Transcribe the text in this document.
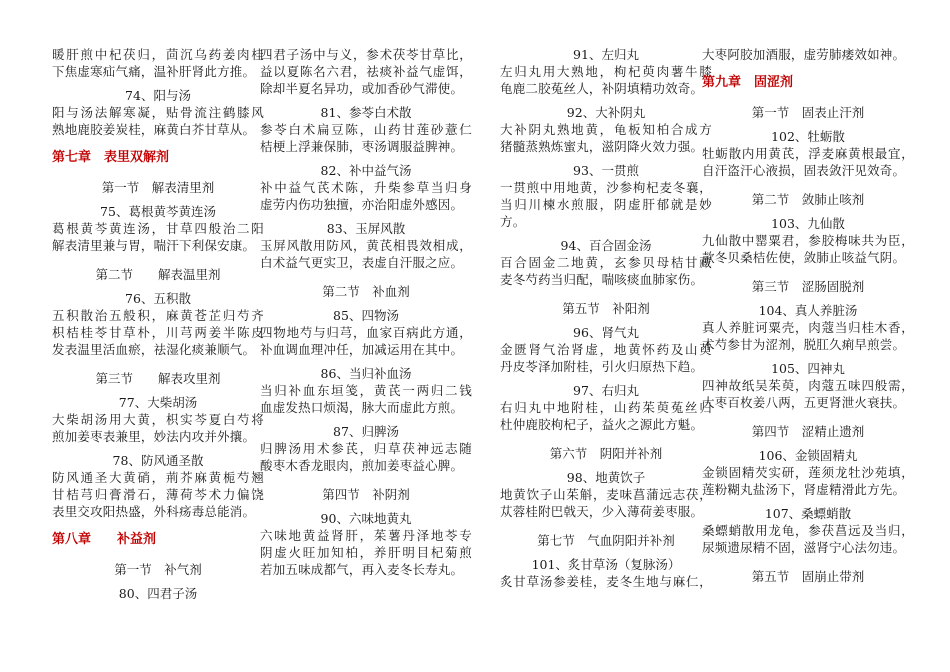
暖肝煎中杞茯归，茴沉乌药姜肉桂
下焦虚寒疝气痛，温补肝肾此方推。
74、阳与汤
阳与汤法解寒凝，贴骨流注鹤膝风
熟地鹿胶姜炭桂，麻黄白芥甘草从。
第七章　表里双解剂
第一节　解表清里剂
75、葛根黄芩黄连汤
葛根黄芩黄连汤，甘草四般治二阳
解表清里兼与胃，喘汗下利保安康。
第二节　　解表温里剂
76、五积散
五积散治五般积，麻黄苍芷归芍齐
枳桔桂苓甘草朴，川芎两姜半陈皮
发表温里活血瘀，祛湿化痰兼顺气。
第三节　　解表攻里剂
77、大柴胡汤
大柴胡汤用大黄，枳实芩夏白芍将
煎加姜枣表兼里，妙法内攻并外攘。
78、防风通圣散
防风通圣大黄硝，荊芥麻黄栀芍翘
甘桔芎归膏滑石，薄荷芩术力偏饶
表里交攻阳热盛，外科疡毒总能消。
第八章　　补益剂
第一节　补气剂
80、四君子汤
四君子汤中与义，参术茯苓甘草比，
益以夏陈名六君，祛痰补益气虚饵，
除却半夏名异功，或加香砂气滞使。
81、参苓白术散
参苓白术扁豆陈，山药甘莲砂薏仁
桔梗上浮兼保肺，枣汤调服益脾神。
82、补中益气汤
补中益气芪术陈，升柴参草当归身
虚劳内伤功独擅，亦治阳虚外感因。
83、玉屏风散
玉屏风散用防风，黄芪相畏效相成，
白术益气更实卫，表虚自汗服之应。
第二节　补血剂
85、四物汤
四物地芍与归芎，血家百病此方通，
补血调血理冲任，加减运用在其中。
86、当归补血汤
当归补血东垣笺，黄芪一两归二钱
血虚发热口烦渴，脉大而虚此方煎。
87、归脾汤
归脾汤用术参芪，归草茯神远志随
酸枣木香龙眼肉，煎加姜枣益心脾。
第四节　补阴剂
90、六味地黄丸
六味地黄益肾肝，茱薯丹泽地苓专
阴虚火旺加知柏，养肝明目杞菊煎
若加五味成都气，再入麦冬长寿丸。
91、左归丸
左归丸用大熟地，枸杞萸肉薯牛膝
龟鹿二胶菟丝人，补阴填精功效奇。
92、大补阴丸
大补阴丸熟地黄，龟板知柏合成方
猪髓蒸熟炼蜜丸，滋阴降火效力强。
93、一贯煎
一贯煎中用地黄，沙参枸杞麦冬襄，
当归川楝水煎服，阴虚肝郁就是妙
方。
94、百合固金汤
百合固金二地黄，玄参贝母桔甘藏
麦冬芍药当归配，喘咳痰血肺家伤。
第五节　补阳剂
96、肾气丸
金匮肾气治肾虚，地黄怀药及山萸
丹皮苓泽加附桂，引火归原热下趋。
97、右归丸
右归丸中地附桂，山药茱萸菟丝归
杜仲鹿胶枸杞子，益火之源此方魁。
第六节　阴阳并补剂
98、地黄饮子
地黄饮子山茱斛，麦味菖蒲远志茯，
苁蓉桂附巴戟天，少入薄荷姜枣服。
第七节　气血阴阳并补剂
101、炙甘草汤（复脉汤）
炙甘草汤参姜桂，麦冬生地与麻仁，
大枣阿胶加酒服，虚劳肺痿效如神。
第九章　固涩剂
第一节　固表止汗剂
102、牡蛎散
牡蛎散内用黄芪，浮麦麻黄根最宜，
自汗盗汗心液损，固表敛汗见效奇。
第二节　敛肺止咳剂
103、九仙散
九仙散中罂粟君，参胶梅味共为臣，
款冬贝桑桔佐使，敛肺止咳益气阴。
第三节　涩肠固脱剂
104、真人养脏汤
真人养脏诃粟壳，肉蔻当归桂木香，
术芍参甘为涩剂，脱肛久痢早煎尝。
105、四神丸
四神故纸吴茱萸，肉蔻五味四般需，
大枣百枚姜八两，五更肾泄火衰扶。
第四节　涩精止遗剂
106、金锁固精丸
金锁固精芡实研，莲须龙牡沙苑填，
莲粉糊丸盐汤下，肾虚精滑此方先。
107、桑螵蛸散
桑螵蛸散用龙龟，参茯菖远及当归，
尿频遗尿精不固，滋肾宁心法勿违。
第五节　固崩止带剂
